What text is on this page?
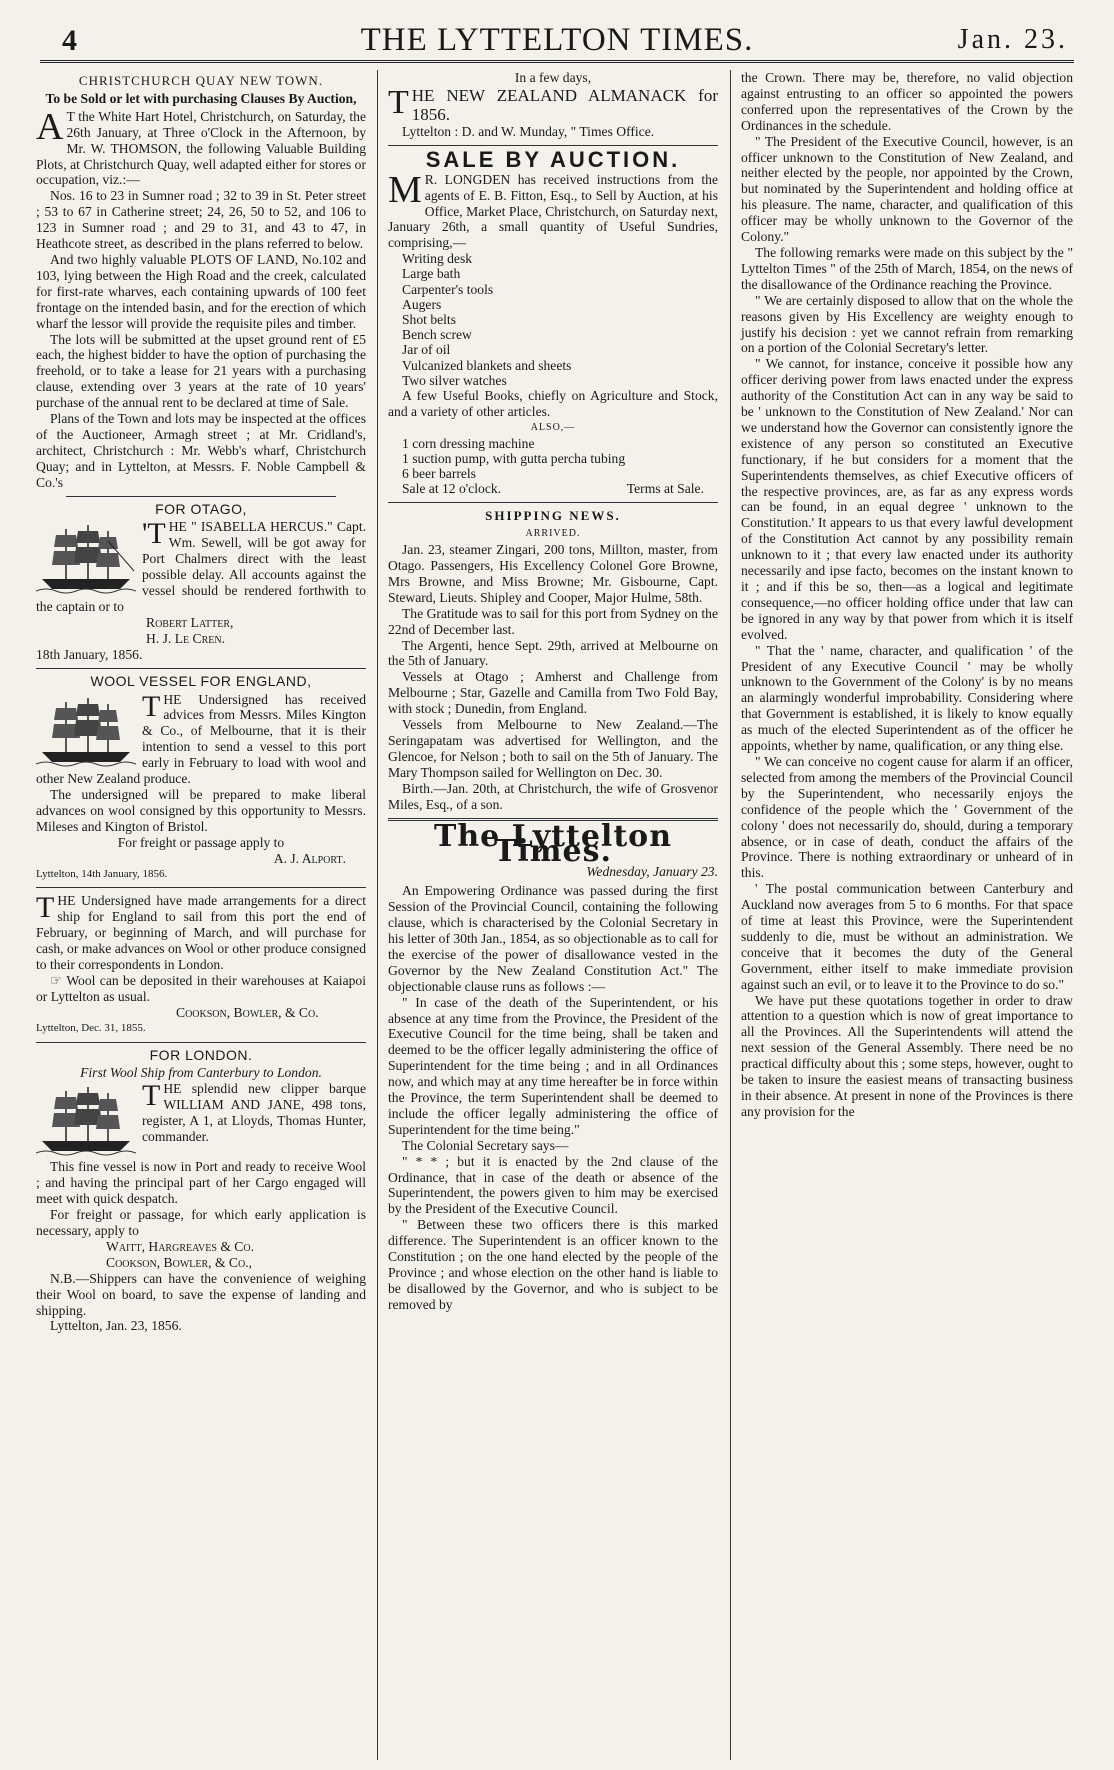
4	THE LYTTELTON TIMES.	Jan. 23.

CHRISTCHURCH QUAY NEW TOWN.

To be Sold or let with purchasing Clauses By Auction,

A T the White Hart Hotel, Christchurch, on Saturday, the 26th January, at Three o'Clock in the Afternoon, by Mr. W. THOMSON, the following Valuable Building Plots, at Christchurch Quay, well adapted either for stores or occupation, viz.:—

Nos. 16 to 23 in Sumner road ; 32 to 39 in St. Peter street ; 53 to 67 in Catherine street; 24, 26, 50 to 52, and 106 to 123 in Sumner road ; and 29 to 31, and 43 to 47, in Heathcote street, as described in the plans referred to below.

And two highly valuable PLOTS OF LAND, No.102 and 103, lying between the High Road and the creek, calculated for first-rate wharves, each containing upwards of 100 feet frontage on the intended basin, and for the erection of which wharf the lessor will provide the requisite piles and timber.

The lots will be submitted at the upset ground rent of £5 each, the highest bidder to have the option of purchasing the freehold, or to take a lease for 21 years with a purchasing clause, extending over 3 years at the rate of 10 years' purchase of the annual rent to be declared at time of Sale.

Plans of the Town and lots may be inspected at the offices of the Auctioneer, Armagh street ; at Mr. Cridland's, architect, Christchurch : Mr. Webb's wharf, Christchurch Quay; and in Lyttelton, at Messrs. F. Noble Campbell & Co.'s

FOR OTAGO,

'THE " ISABELLA HERCUS." Capt. Wm. Sewell, will be got away for Port Chalmers direct with the least possible delay. All accounts against the vessel should be rendered forthwith to the captain or to

Robert Latter,

H. J. Le Cren.

18th January, 1856.

WOOL VESSEL FOR ENGLAND,

THE Undersigned has received advices from Messrs. Miles Kington & Co., of Melbourne, that it is their intention to send a vessel to this port early in February to load with wool and other New Zealand produce.

The undersigned will be prepared to make liberal advances on wool consigned by this opportunity to Messrs. Mileses and Kington of Bristol.

For freight or passage apply to

A. J. Alport.

Lyttelton, 14th January, 1856.

THE Undersigned have made arrangements for a direct ship for England to sail from this port the end of February, or beginning of March, and will purchase for cash, or make advances on Wool or other produce consigned to their correspondents in London.

☞ Wool can be deposited in their warehouses at Kaiapoi or Lyttelton as usual.

Cookson, Bowler, & Co.

Lyttelton, Dec. 31, 1855.

FOR LONDON.

First Wool Ship from Canterbury to London.

THE splendid new clipper barque WILLIAM AND JANE, 498 tons, register, A 1, at Lloyds, Thomas Hunter, commander.

This fine vessel is now in Port and ready to receive Wool ; and having the principal part of her Cargo engaged will meet with quick despatch.

For freight or passage, for which early application is necessary, apply to

Waitt, Hargreaves & Co.

Cookson, Bowler, & Co.,

N.B.—Shippers can have the convenience of weighing their Wool on board, to save the expense of landing and shipping.

Lyttelton, Jan. 23, 1856.

In a few days,

THE NEW ZEALAND ALMANACK for 1856.

Lyttelton : D. and W. Munday, " Times Office.

SALE BY AUCTION.

M R. LONGDEN has received instructions from the agents of E. B. Fitton, Esq., to Sell by Auction, at his Office, Market Place, Christchurch, on Saturday next, January 26th, a small quantity of Useful Sundries, comprising,—

Writing desk
Large bath
Carpenter's tools
Augers
Shot belts
Bench screw
Jar of oil
Vulcanized blankets and sheets
Two silver watches

A few Useful Books, chiefly on Agriculture and Stock, and a variety of other articles.

ALSO,—

1 corn dressing machine
1 suction pump, with gutta percha tubing
6 beer barrels

Sale at 12 o'clock.	Terms at Sale.

SHIPPING NEWS.

ARRIVED.

Jan. 23, steamer Zingari, 200 tons, Millton, master, from Otago. Passengers, His Excellency Colonel Gore Browne, Mrs Browne, and Miss Browne; Mr. Gisbourne, Capt. Steward, Lieuts. Shipley and Cooper, Major Hulme, 58th.

The Gratitude was to sail for this port from Sydney on the 22nd of December last.

The Argenti, hence Sept. 29th, arrived at Melbourne on the 5th of January.

Vessels at Otago ; Amherst and Challenge from Melbourne ; Star, Gazelle and Camilla from Two Fold Bay, with stock ; Dunedin, from England.

Vessels from Melbourne to New Zealand.—The Seringapatam was advertised for Wellington, and the Glencoe, for Nelson ; both to sail on the 5th of January. The Mary Thompson sailed for Wellington on Dec. 30.

Birth.—Jan. 20th, at Christchurch, the wife of Grosvenor Miles, Esq., of a son.

The Lyttelton Times.

Wednesday, January 23.

An Empowering Ordinance was passed during the first Session of the Provincial Council, containing the following clause, which is characterised by the Colonial Secretary in his letter of 30th Jan., 1854, as so objectionable as to call for the exercise of the power of disallowance vested in the Governor by the New Zealand Constitution Act." The objectionable clause runs as follows :—

" In case of the death of the Superintendent, or his absence at any time from the Province, the President of the Executive Council for the time being, shall be taken and deemed to be the officer legally administering the office of Superintendent for the time being ; and in all Ordinances now, and which may at any time hereafter be in force within the Province, the term Superintendent shall be deemed to include the officer legally administering the office of Superintendent for the time being."

The Colonial Secretary says—

" * * ; but it is enacted by the 2nd clause of the Ordinance, that in case of the death or absence of the Superintendent, the powers given to him may be exercised by the President of the Executive Council.

" Between these two officers there is this marked difference. The Superintendent is an officer known to the Constitution ; on the one hand elected by the people of the Province ; and whose election on the other hand is liable to be disallowed by the Governor, and who is subject to be removed by

the Crown. There may be, therefore, no valid objection against entrusting to an officer so appointed the powers conferred upon the representatives of the Crown by the Ordinances in the schedule.

" The President of the Executive Council, however, is an officer unknown to the Constitution of New Zealand, and neither elected by the people, nor appointed by the Crown, but nominated by the Superintendent and holding office at his pleasure. The name, character, and qualification of this officer may be wholly unknown to the Governor of the Colony."

The following remarks were made on this subject by the " Lyttelton Times " of the 25th of March, 1854, on the news of the disallowance of the Ordinance reaching the Province.

" We are certainly disposed to allow that on the whole the reasons given by His Excellency are weighty enough to justify his decision : yet we cannot refrain from remarking on a portion of the Colonial Secretary's letter.

" We cannot, for instance, conceive it possible how any officer deriving power from laws enacted under the express authority of the Constitution Act can in any way be said to be ' unknown to the Constitution of New Zealand.' Nor can we understand how the Governor can consistently ignore the existence of any person so constituted an Executive functionary, if he but considers for a moment that the Superintendents themselves, as chief Executive officers of the respective provinces, are, as far as any express words can be found, in an equal degree ' unknown to the Constitution.' It appears to us that every lawful development of the Constitution Act cannot by any possibility remain unknown to it ; that every law enacted under its authority necessarily and ipse facto, becomes on the instant known to it ; and if this be so, then—as a logical and legitimate consequence,—no officer holding office under that law can be ignored in any way by that power from which it is itself evolved.

" That the ' name, character, and qualification ' of the President of any Executive Council ' may be wholly unknown to the Government of the Colony' is by no means an alarmingly wonderful improbability. Considering where that Government is established, it is likely to know equally as much of the elected Superintendent as of the officer he appoints, whether by name, qualification, or any thing else.

" We can conceive no cogent cause for alarm if an officer, selected from among the members of the Provincial Council by the Superintendent, who necessarily enjoys the confidence of the people which the ' Government of the colony ' does not necessarily do, should, during a temporary absence, or in case of death, conduct the affairs of the Province. There is nothing extraordinary or unheard of in this.

' The postal communication between Canterbury and Auckland now averages from 5 to 6 months. For that space of time at least this Province, were the Superintendent suddenly to die, must be without an administration. We conceive that it becomes the duty of the General Government, either itself to make immediate provision against such an evil, or to leave it to the Province to do so."

We have put these quotations together in order to draw attention to a question which is now of great importance to all the Provinces. All the Superintendents will attend the next session of the General Assembly. There need be no practical difficulty about this ; some steps, however, ought to be taken to insure the easiest means of transacting business in their absence. At present in none of the Provinces is there any provision for the
